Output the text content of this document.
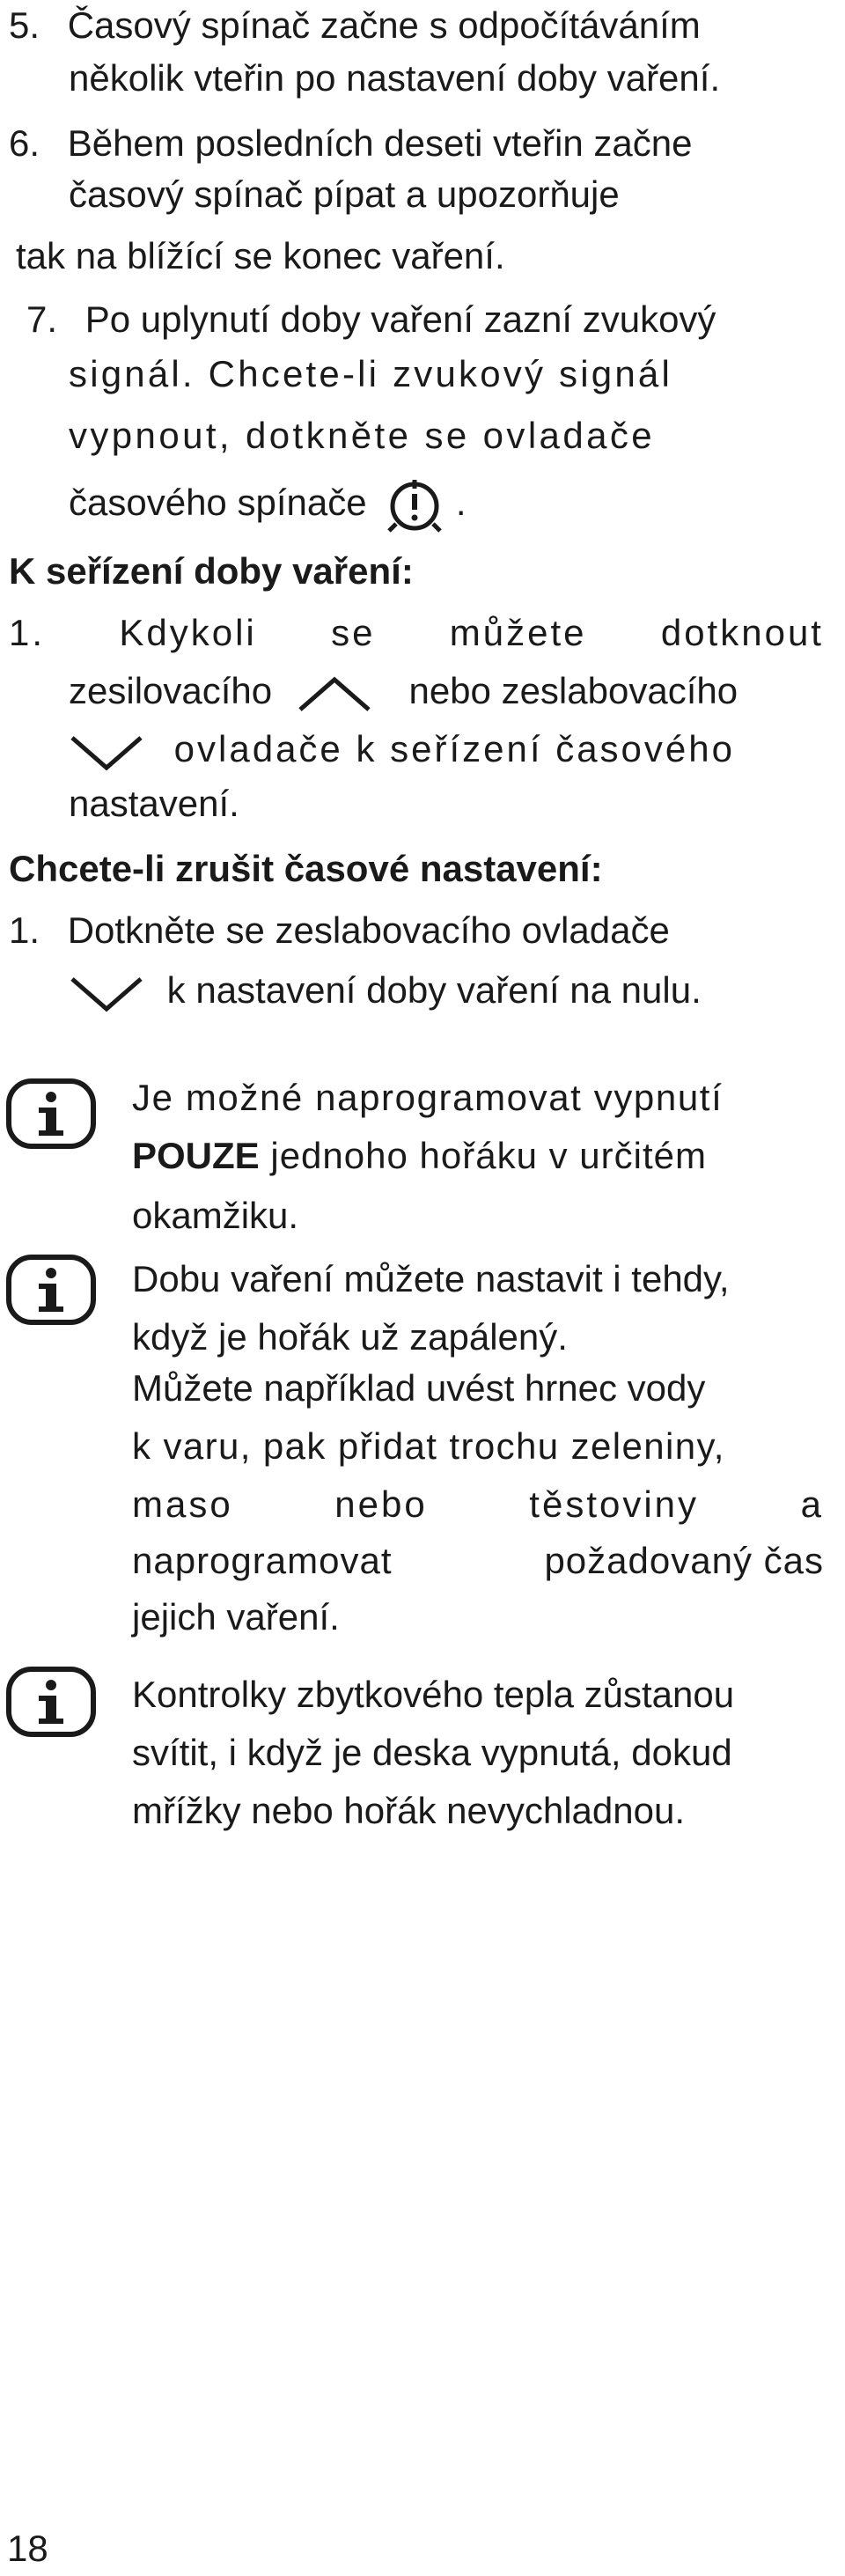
5. Časový spínač začne s odpočítáváním
několik vteřin po nastavení doby vaření.
6. Během posledních deseti vteřin začne
časový spínač pípat a upozorňuje
tak na blížící se konec vaření.
7. Po uplynutí doby vaření zazní zvukový
signál. Chcete-li zvukový signál
vypnout, dotkněte se ovladače
časového spínače .
K seřízení doby vaření:
1. Kdykoli se můžete dotknout
zesilovacího	nebo zeslabovacího
ovladače k seřízení časového
nastavení.
Chcete-li zrušit časové nastavení:
1. Dotkněte se zeslabovacího ovladače
k nastavení doby vaření na nulu.
Je možné naprogramovat vypnutí
POUZE jednoho hořáku v určitém
okamžiku.
Dobu vaření můžete nastavit i tehdy,
když je hořák už zapálený.
Můžete například uvést hrnec vody
k varu, pak přidat trochu zeleniny,
maso	nebo	těstoviny	a
naprogramovat	požadovaný čas
jejich vaření.
Kontrolky zbytkového tepla zůstanou
svítit, i když je deska vypnutá, dokud
mřížky nebo hořák nevychladnou.
18
